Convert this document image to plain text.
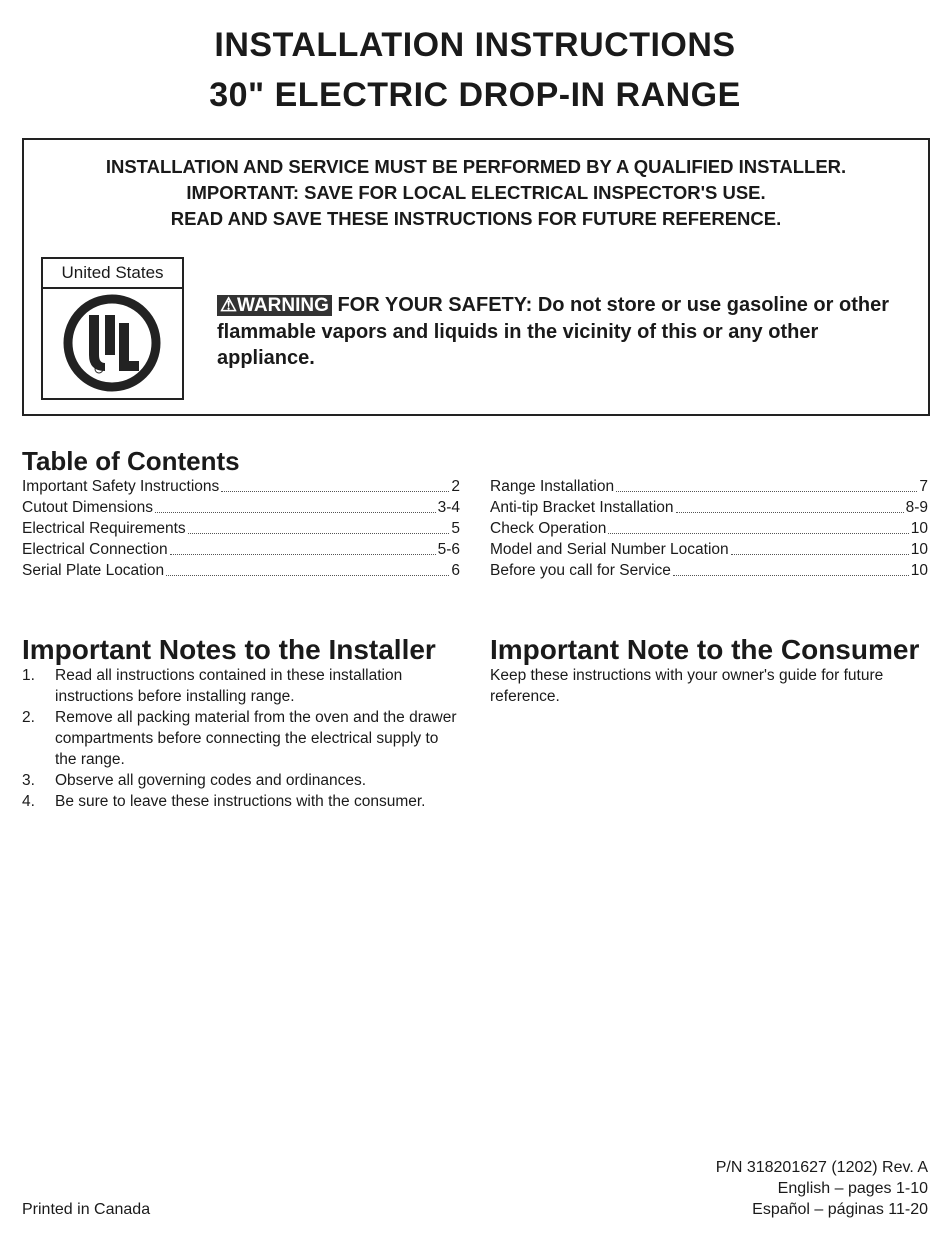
INSTALLATION INSTRUCTIONS
30" ELECTRIC DROP-IN RANGE
INSTALLATION AND SERVICE MUST BE PERFORMED BY A QUALIFIED INSTALLER.
IMPORTANT: SAVE FOR LOCAL ELECTRICAL INSPECTOR'S USE.
READ AND SAVE THESE INSTRUCTIONS FOR FUTURE REFERENCE.
United States
⚠WARNING FOR YOUR SAFETY: Do not store or use gasoline or other flammable vapors and liquids in the vicinity of this or any other appliance.
Table of Contents
Important Safety Instructions	2
Cutout Dimensions	3-4
Electrical Requirements	5
Electrical Connection	5-6
Serial Plate Location	6
Range Installation	7
Anti-tip Bracket Installation	8-9
Check Operation	10
Model and Serial Number Location	10
Before you call for Service	10
Important Notes to the Installer
1.	Read all instructions contained in these installation instructions before installing range.
2.	Remove all packing material from the oven and the drawer compartments before connecting the electrical supply to the range.
3.	Observe all governing codes and ordinances.
4.	Be sure to leave these instructions with the consumer.
Important Note to the Consumer
Keep these instructions with your owner's guide for future reference.
P/N 318201627 (1202) Rev. A
English – pages 1-10
Español – páginas 11-20
Printed in Canada
